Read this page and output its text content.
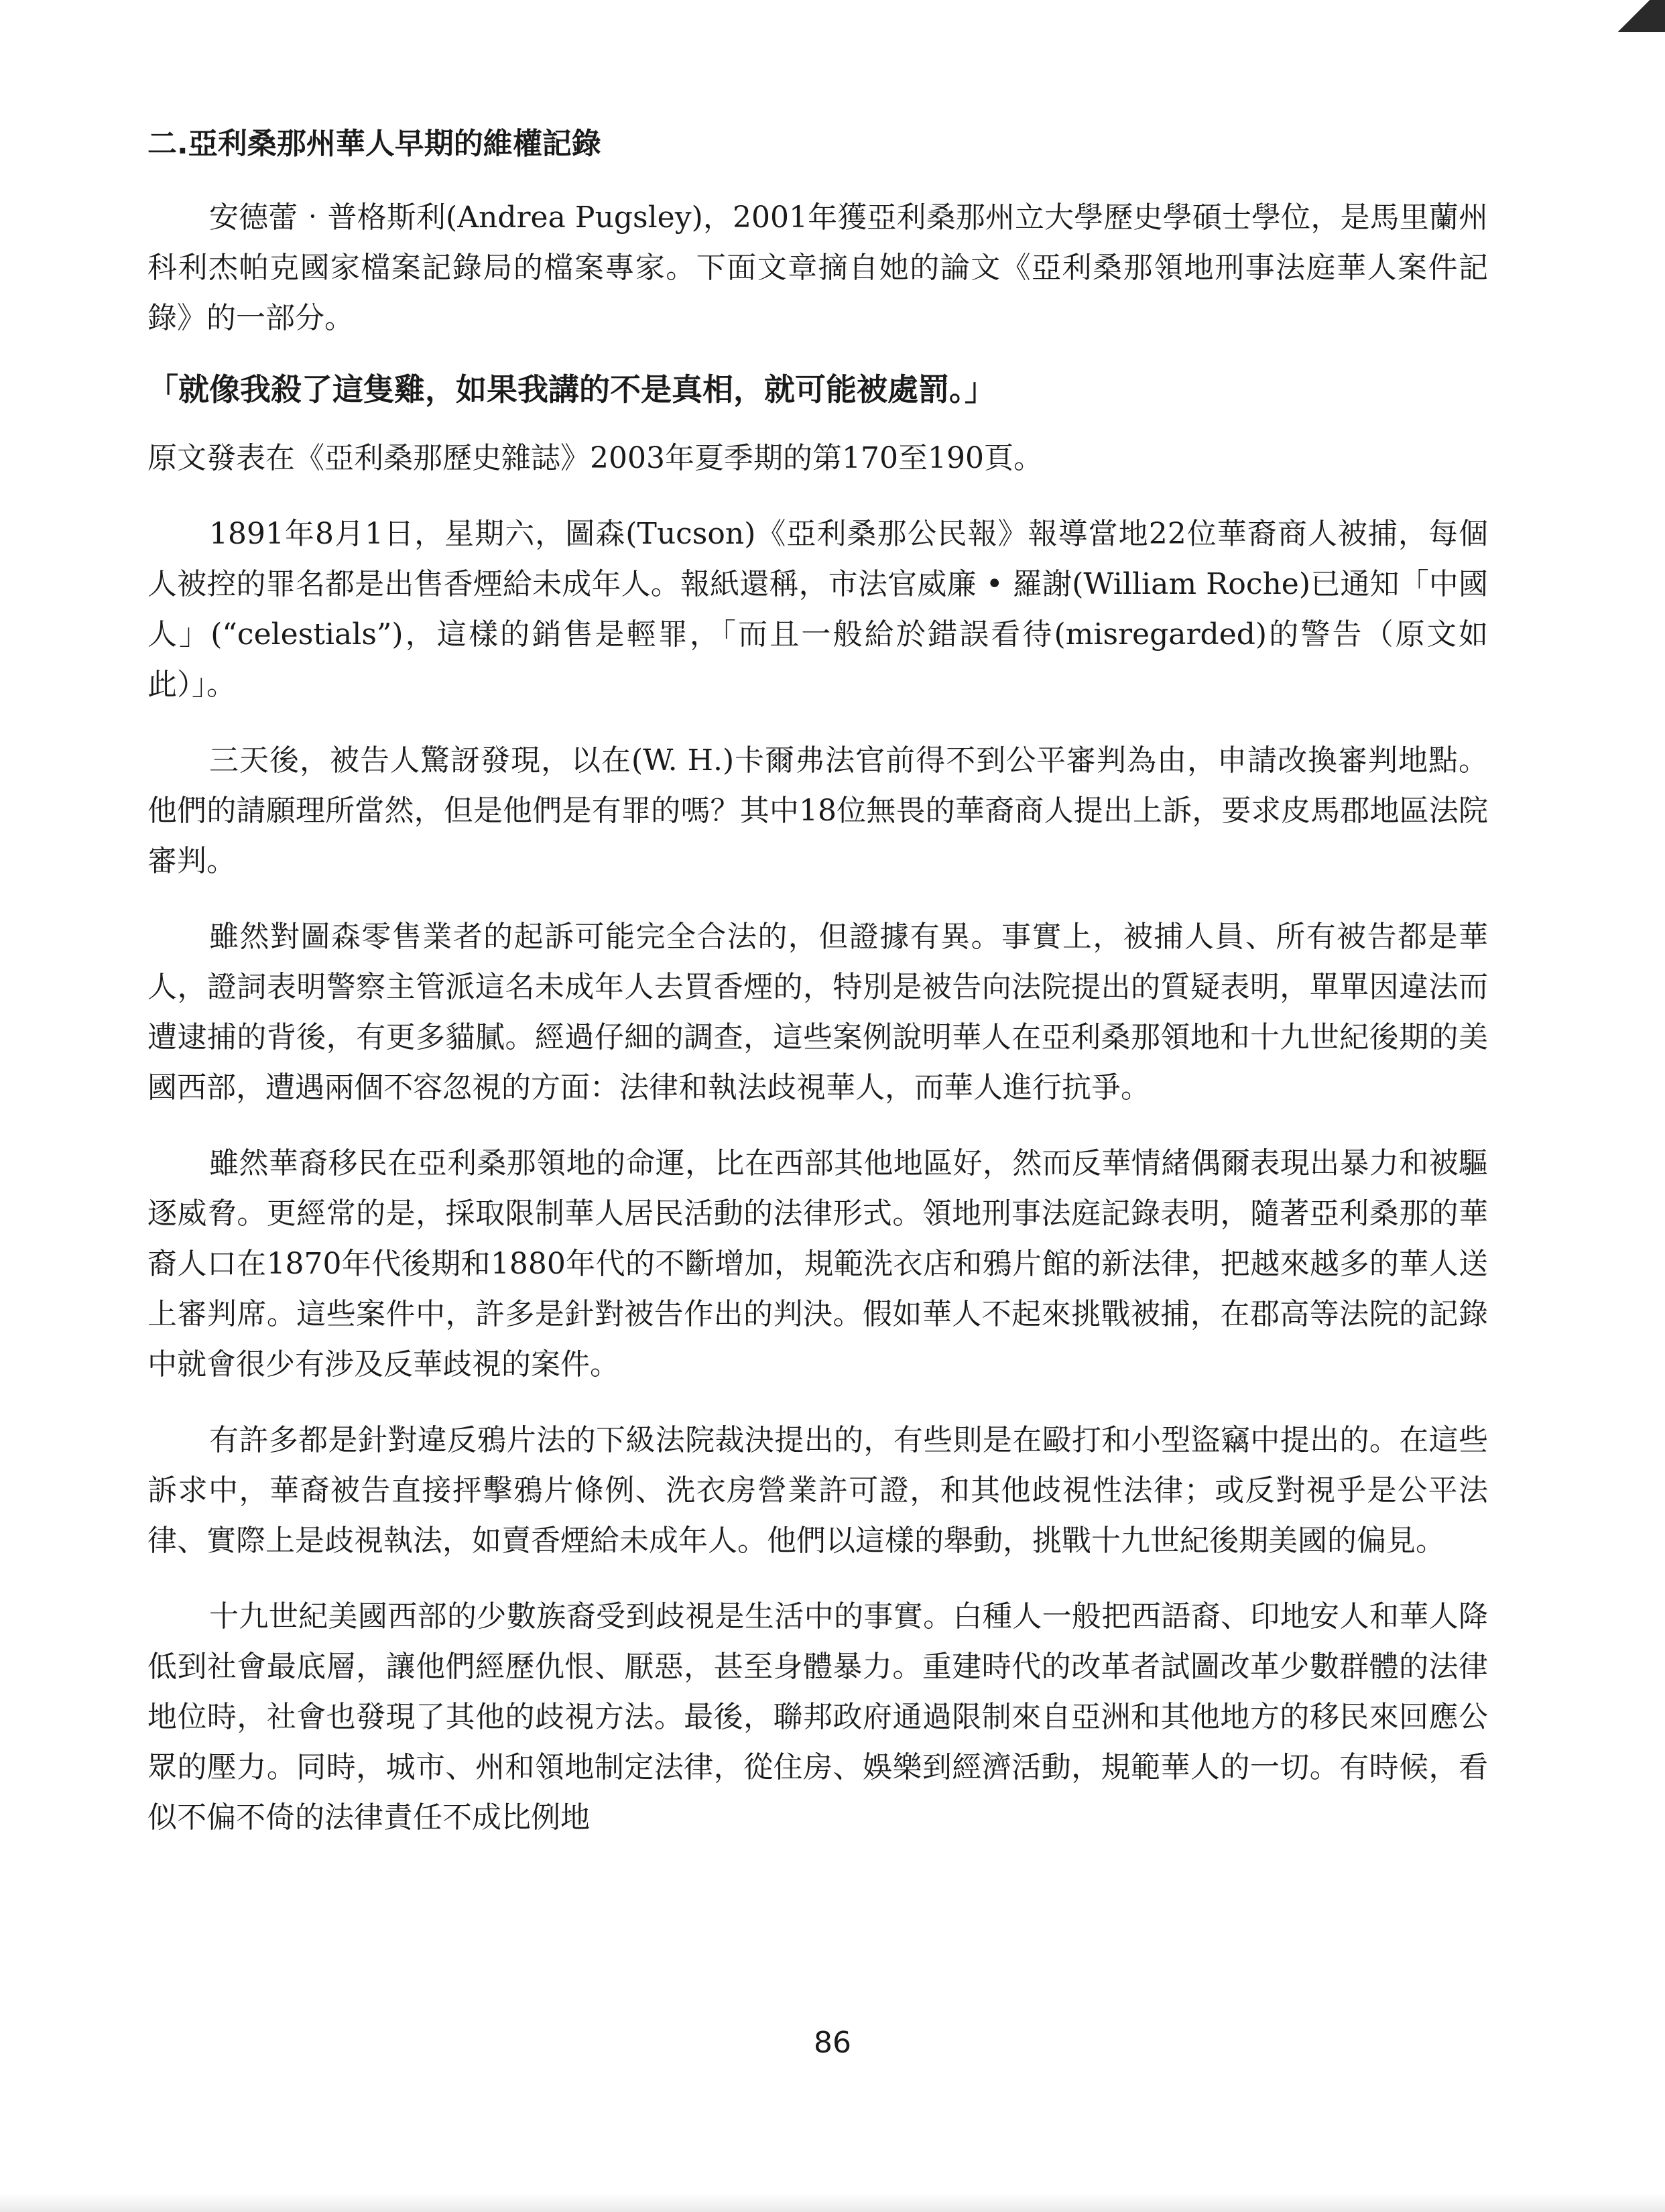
二.亞利桑那州華人早期的維權記錄

安德蕾‧普格斯利(Andrea Pugsley)，2001年獲亞利桑那州立大學歷史學碩士學位，是馬里蘭州科利杰帕克國家檔案記錄局的檔案專家。下面文章摘自她的論文《亞利桑那領地刑事法庭華人案件記錄》的一部分。

「就像我殺了這隻雞，如果我講的不是真相，就可能被處罰。」

原文發表在《亞利桑那歷史雜誌》2003年夏季期的第170至190頁。

1891年8月1日，星期六，圖森(Tucson)《亞利桑那公民報》報導當地22位華裔商人被捕，每個人被控的罪名都是出售香煙給未成年人。報紙還稱，市法官威廉 • 羅謝(William Roche)已通知「中國人」(“celestials”)，這樣的銷售是輕罪，「而且一般給於錯誤看待(misregarded)的警告（原文如此）」。

三天後，被告人驚訝發現，以在(W. H.)卡爾弗法官前得不到公平審判為由，申請改換審判地點。他們的請願理所當然，但是他們是有罪的嗎？其中18位無畏的華裔商人提出上訴，要求皮馬郡地區法院審判。

雖然對圖森零售業者的起訴可能完全合法的，但證據有異。事實上，被捕人員、所有被告都是華人，證詞表明警察主管派這名未成年人去買香煙的，特別是被告向法院提出的質疑表明，單單因違法而遭逮捕的背後，有更多貓膩。經過仔細的調查，這些案例說明華人在亞利桑那領地和十九世紀後期的美國西部，遭遇兩個不容忽視的方面：法律和執法歧視華人，而華人進行抗爭。

雖然華裔移民在亞利桑那領地的命運，比在西部其他地區好，然而反華情緒偶爾表現出暴力和被驅逐威脅。更經常的是，採取限制華人居民活動的法律形式。領地刑事法庭記錄表明，隨著亞利桑那的華裔人口在1870年代後期和1880年代的不斷增加，規範洗衣店和鴉片館的新法律，把越來越多的華人送上審判席。這些案件中，許多是針對被告作出的判決。假如華人不起來挑戰被捕，在郡高等法院的記錄中就會很少有涉及反華歧視的案件。

有許多都是針對違反鴉片法的下級法院裁決提出的，有些則是在毆打和小型盜竊中提出的。在這些訴求中，華裔被告直接抨擊鴉片條例、洗衣房營業許可證，和其他歧視性法律；或反對視乎是公平法律、實際上是歧視執法，如賣香煙給未成年人。他們以這樣的舉動，挑戰十九世紀後期美國的偏見。

十九世紀美國西部的少數族裔受到歧視是生活中的事實。白種人一般把西語裔、印地安人和華人降低到社會最底層，讓他們經歷仇恨、厭惡，甚至身體暴力。重建時代的改革者試圖改革少數群體的法律地位時，社會也發現了其他的歧視方法。最後，聯邦政府通過限制來自亞洲和其他地方的移民來回應公眾的壓力。同時，城市、州和領地制定法律，從住房、娛樂到經濟活動，規範華人的一切。有時候，看似不偏不倚的法律責任不成比例地

86
